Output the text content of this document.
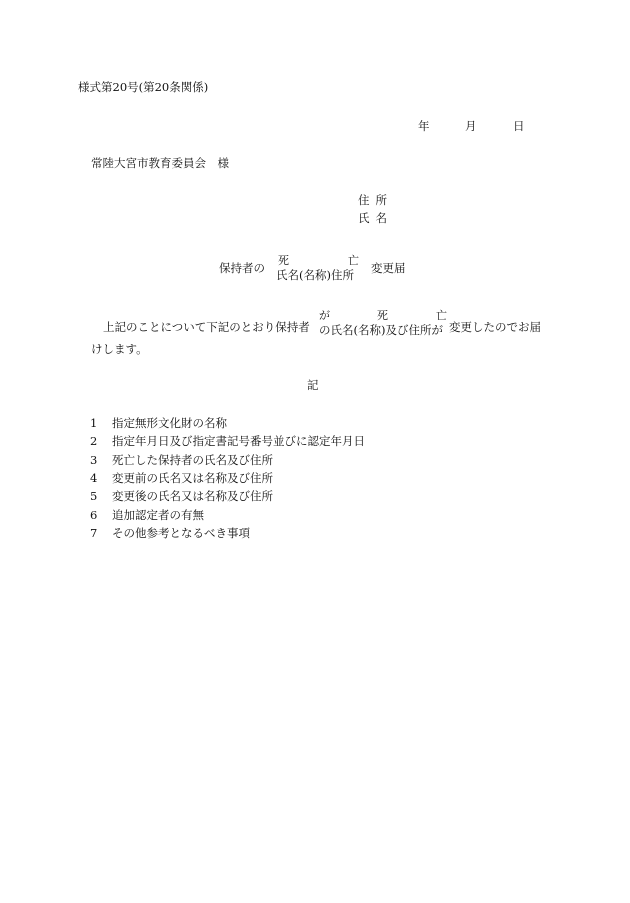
様式第20号(第20条関係)
年	月	日
常陸大宮市教育委員会　様
住所
氏名
保持者の
死	亡
氏名(名称)住所 変更届
上記のことについて下記のとおり保持者
が	死	亡
の氏名(名称)及び住所が 変更したのでお届
けします。
記
1 指定無形文化財の名称
2 指定年月日及び指定書記号番号並びに認定年月日
3 死亡した保持者の氏名及び住所
4 変更前の氏名又は名称及び住所
5 変更後の氏名又は名称及び住所
6 追加認定者の有無
7 その他参考となるべき事項
